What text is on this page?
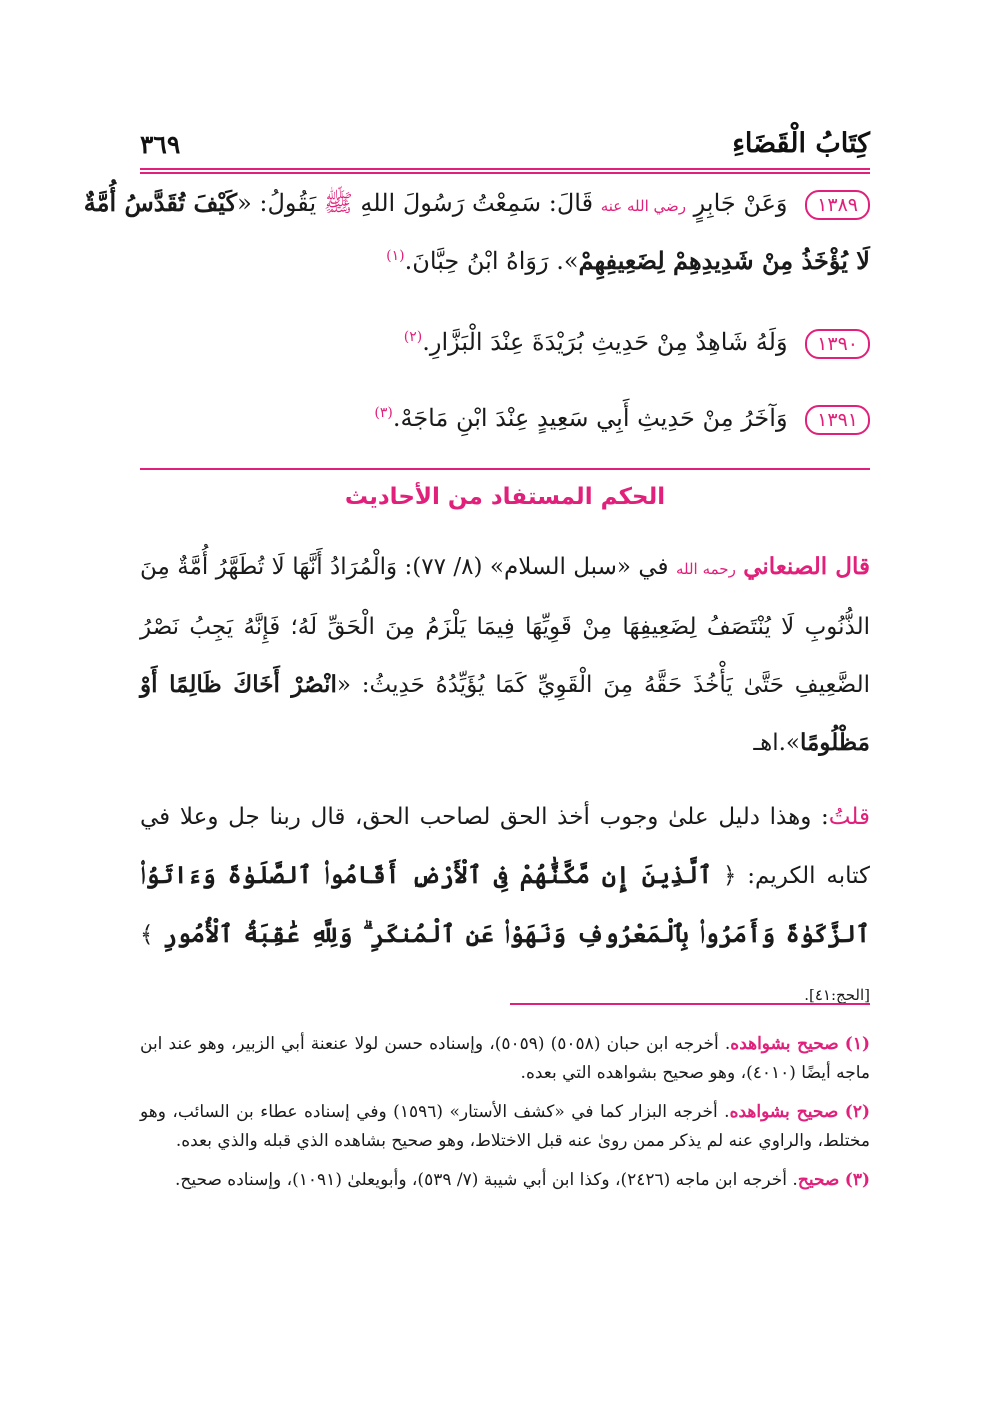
كِتَابُ الْقَضَاءِ
٣٦٩
١٣٨٩ وَعَنْ جَابِرٍ رضي الله عنه قَالَ: سَمِعْتُ رَسُولَ اللهِ ﷺ يَقُولُ: «كَيْفَ تُقَدَّسُ أُمَّةٌ
لَا يُؤْخَذُ مِنْ شَدِيدِهِمْ لِضَعِيفِهِمْ». رَوَاهُ ابْنُ حِبَّانَ.$^{(١)}$
١٣٩٠ وَلَهُ شَاهِدٌ مِنْ حَدِيثِ بُرَيْدَةَ عِنْدَ الْبَزَّارِ.$^{(٢)}$
١٣٩١ وَآخَرُ مِنْ حَدِيثِ أَبِي سَعِيدٍ عِنْدَ ابْنِ مَاجَهْ.$^{(٣)}$
الحكم المستفاد من الأحاديث
قال الصنعاني رحمه الله في «سبل السلام» (٨/ ٧٧): وَالْمُرَادُ أَنَّهَا لَا تُطَهَّرُ أُمَّةٌ مِنَ الذُّنُوبِ لَا يُنْتَصَفُ لِضَعِيفِهَا مِنْ قَوِيِّهَا فِيمَا يَلْزَمُ مِنَ الْحَقِّ لَهُ؛ فَإِنَّهُ يَجِبُ نَصْرُ الضَّعِيفِ حَتَّىٰ يَأْخُذَ حَقَّهُ مِنَ الْقَوِيِّ كَمَا يُؤَيِّدُهُ حَدِيثُ: «انْصُرْ أَخَاكَ ظَالِمًا أَوْ مَظْلُومًا».اهـ
قلتُ: وهذا دليل علىٰ وجوب أخذ الحق لصاحب الحق، قال ربنا جل وعلا في كتابه الكريم: ﴿ ٱلَّذِينَ إِن مَّكَّنَّٰهُمْ فِى ٱلْأَرْضِ أَقَامُوا۟ ٱلصَّلَوٰةَ وَءَاتَوُا۟ ٱلزَّكَوٰةَ وَأَمَرُوا۟ بِٱلْمَعْرُوفِ وَنَهَوْا۟ عَنِ ٱلْمُنكَرِ ۗ وَلِلَّهِ عَٰقِبَةُ ٱلْأُمُورِ ﴾ [الحج:٤١].
(١) صحيح بشواهده. أخرجه ابن حبان (٥٠٥٨) (٥٠٥٩)، وإسناده حسن لولا عنعنة أبي الزبير، وهو عند ابن ماجه أيضًا (٤٠١٠)، وهو صحيح بشواهده التي بعده.
(٢) صحيح بشواهده. أخرجه البزار كما في «كشف الأستار» (١٥٩٦) وفي إسناده عطاء بن السائب، وهو مختلط، والراوي عنه لم يذكر ممن روىٰ عنه قبل الاختلاط، وهو صحيح بشاهده الذي قبله والذي بعده.
(٣) صحيح. أخرجه ابن ماجه (٢٤٢٦)، وكذا ابن أبي شيبة (٧/ ٥٣٩)، وأبويعلىٰ (١٠٩١)، وإسناده صحيح.
